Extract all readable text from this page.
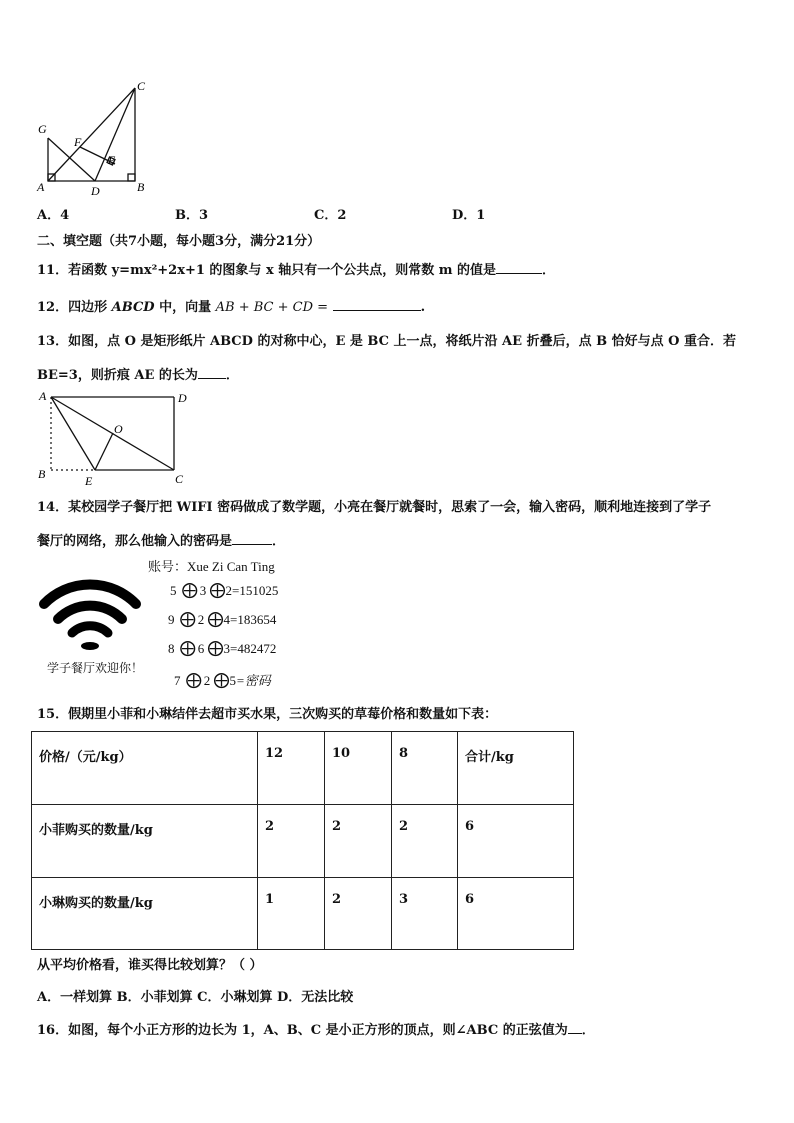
G
C
F
E
A	D	B
A．4	B．3	C．2	D．1
二、填空题（共7小题，每小题3分，满分21分）
11．若函数 y=mx²+2x+1 的图象与 x 轴只有一个公共点，则常数 m 的值是	．
12．四边形 ABCD 中，向量 AB + BC + CD =	.
13．如图，点 O 是矩形纸片 ABCD 的对称中心，E 是 BC 上一点，将纸片沿 AE 折叠后，点 B 恰好与点 O 重合．若
BE=3，则折痕 AE 的长为 ．
A	D
O
B	E	C
14．某校园学子餐厅把 WIFI 密码做成了数学题，小亮在餐厅就餐时，思索了一会，输入密码，顺利地连接到了学子
餐厅的网络，那么他输入的密码是	．
学子餐厅欢迎你！
账号：Xue Zi Can Ting
5 ⨁ 3 ⨁2=151025
9 ⨁ 2 ⨁4=183654
8 ⨁ 6 ⨁3=482472
7 ⨁ 2 ⨁5=密码
15．假期里小菲和小琳结伴去超市买水果，三次购买的草莓价格和数量如下表：
价格/（元/kg）	12	10	8	合计/kg
小菲购买的数量/kg	2	2	2	6
小琳购买的数量/kg	1	2	3	6
从平均价格看，谁买得比较划算？（ ）
A．一样划算 B．小菲划算 C．小琳划算 D．无法比较
16．如图，每个小正方形的边长为 1，A、B、C 是小正方形的顶点，则∠ABC 的正弦值为 ．
